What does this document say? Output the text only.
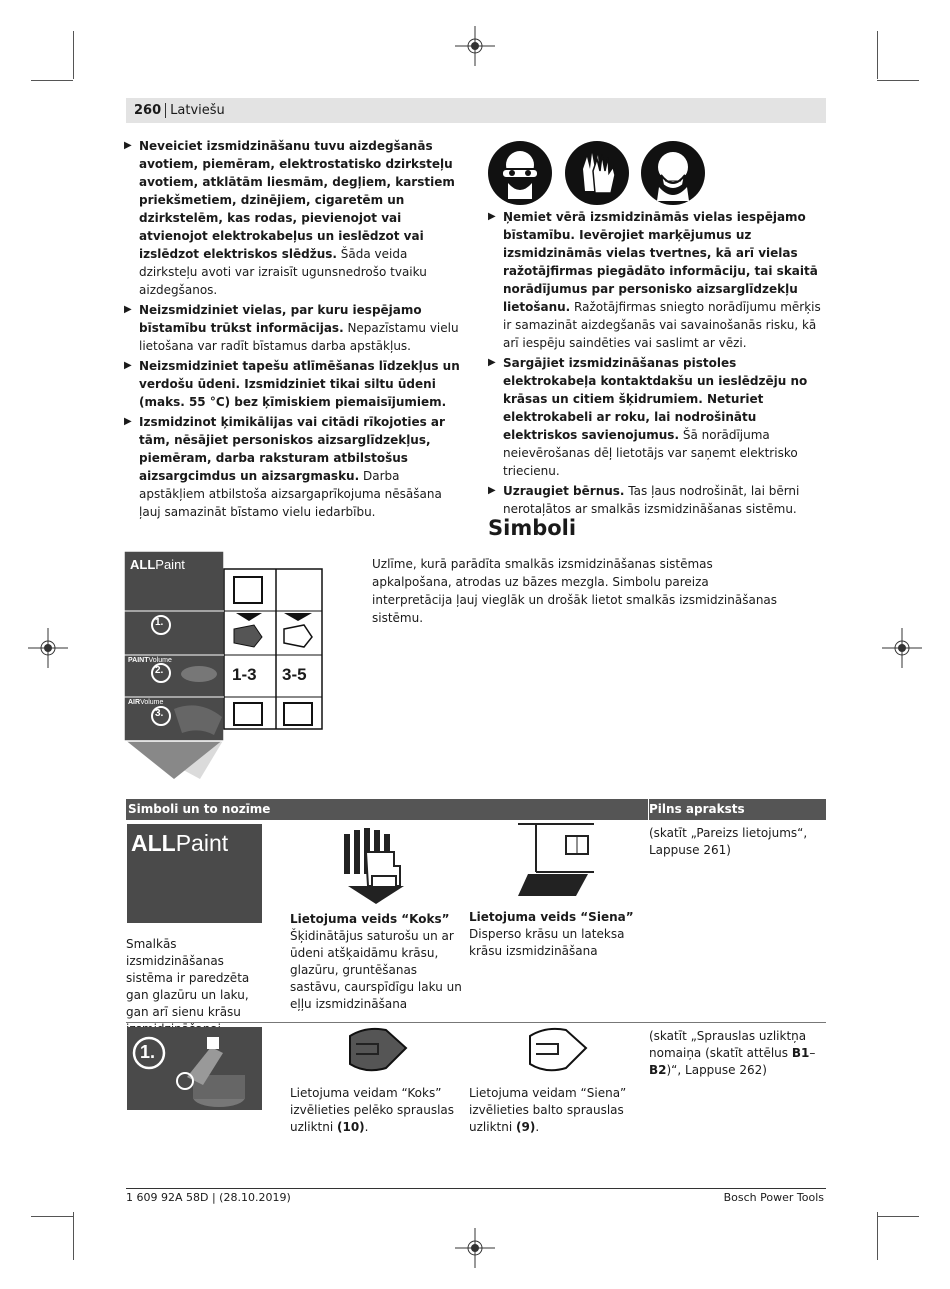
260 Latviešu
▶ Neveiciet izsmidzināšanu tuvu aizdegšanās avotiem, piemēram, elektrostatisko dzirksteļu avotiem, atklātām liesmām, degļiem, karstiem priekšmetiem, dzinējiem, cigaretēm un dzirkstelēm, kas rodas, pievienojot vai atvienojot elektrokabeļus un ieslēdzot vai izslēdzot elektriskos slēdžus. Šāda veida dzirksteļu avoti var izraisīt ugunsnedrošo tvaiku aizdegšanos.
▶ Neizsmidziniet vielas, par kuru iespējamo bīstamību trūkst informācijas. Nepazīstamu vielu lietošana var radīt bīstamus darba apstākļus.
▶ Neizsmidziniet tapešu atlīmēšanas līdzekļus un verdošu ūdeni. Izsmidziniet tikai siltu ūdeni (maks. 55 °C) bez ķīmiskiem piemaisījumiem.
▶ Izsmidzinot ķimikālijas vai citādi rīkojoties ar tām, nēsājiet personiskos aizsarglīdzekļus, piemēram, darba raksturam atbilstošus aizsargcimdus un aizsargmasku. Darba apstākļiem atbilstoša aizsargaprīkojuma nēsāšana ļauj samazināt bīstamo vielu iedarbību.
▶ Ņemiet vērā izsmidzināmās vielas iespējamo bīstamību. Ievērojiet marķējumus uz izsmidzināmās vielas tvertnes, kā arī vielas ražotājfirmas piegādāto informāciju, tai skaitā norādījumus par personisko aizsarglīdzekļu lietošanu. Ražotājfirmas sniegto norādījumu mērķis ir samazināt aizdegšanās vai savainošanās risku, kā arī iespēju saindēties vai saslimt ar vēzi.
▶ Sargājiet izsmidzināšanas pistoles elektrokabeļa kontaktdakšu un ieslēdzēju no krāsas un citiem šķidrumiem. Neturiet elektrokabeli ar roku, lai nodrošinātu elektriskos savienojumus. Šā norādījuma neievērošanas dēļ lietotājs var saņemt elektrisko triecienu.
▶ Uzraugiet bērnus. Tas ļaus nodrošināt, lai bērni nerotaļātos ar smalkās izsmidzināšanas sistēmu.
Simboli
Uzlīme, kurā parādīta smalkās izsmidzināšanas sistēmas apkalpošana, atrodas uz bāzes mezgla. Simbolu pareiza interpretācija ļauj vieglāk un drošāk lietot smalkās izsmidzināšanas sistēmu.
ALLPaint
1.
PAINTVolume
2.
AIRVolume
3.
1-3 3-5
Simboli un to nozīme	Pilns apraksts
ALLPaint
Smalkās izsmidzināšanas sistēma ir paredzēta gan glazūru un laku, gan arī sienu krāsu
Lietojuma veids “Koks”
Šķidinātājus saturošu un ar ūdeni atšķaidāmu krāsu, glazūru, gruntēšanas sastāvu, caurspīdīgu laku un eļļu izsmidzināšana
Lietojuma veids “Siena”
Disperso krāsu un lateksa krāsu izsmidzināšana
(skatīt „Pareizs lietojums“, Lappuse 261)
1.
Lietojuma veidam “Koks” izvēlieties pelēko sprauslas uzliktni (10).
Lietojuma veidam “Siena” izvēlieties balto sprauslas uzliktni (9).
(skatīt „Sprauslas uzliktņa nomaiņa (skatīt attēlus B1–B2)“, Lappuse 262)
1 609 92A 58D | (28.10.2019)	Bosch Power Tools
